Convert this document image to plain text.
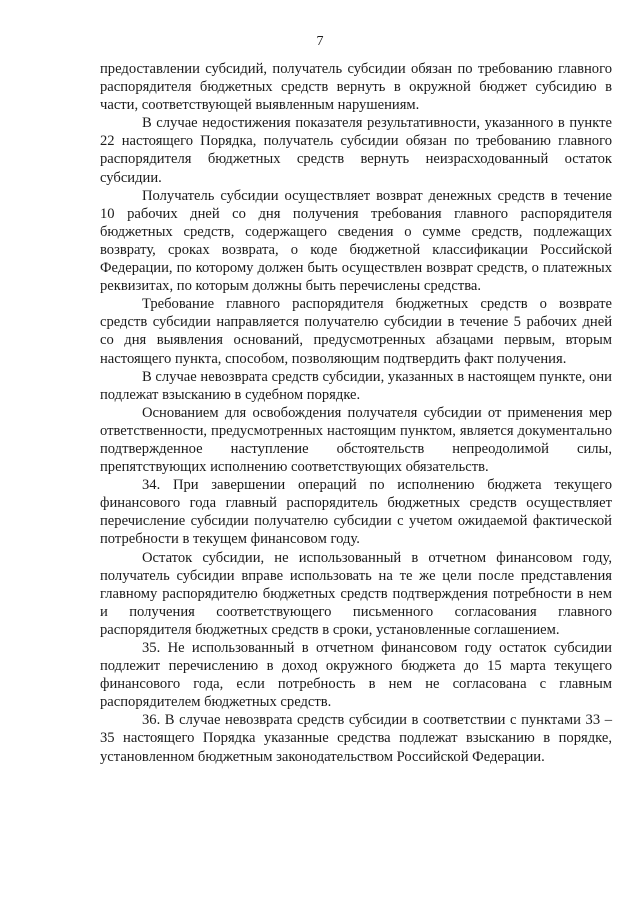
7

предоставлении субсидий, получатель субсидии обязан по требованию главного распорядителя бюджетных средств вернуть в окружной бюджет субсидию в части, соответствующей выявленным нарушениям.

В случае недостижения показателя результативности, указанного в пункте 22 настоящего Порядка, получатель субсидии обязан по требованию главного распорядителя бюджетных средств вернуть неизрасходованный остаток субсидии.

Получатель субсидии осуществляет возврат денежных средств в течение 10 рабочих дней со дня получения требования главного распорядителя бюджетных средств, содержащего сведения о сумме средств, подлежащих возврату, сроках возврата, о коде бюджетной классификации Российской Федерации, по которому должен быть осуществлен возврат средств, о платежных реквизитах, по которым должны быть перечислены средства.

Требование главного распорядителя бюджетных средств о возврате средств субсидии направляется получателю субсидии в течение 5 рабочих дней со дня выявления оснований, предусмотренных абзацами первым, вторым настоящего пункта, способом, позволяющим подтвердить факт получения.

В случае невозврата средств субсидии, указанных в настоящем пункте, они подлежат взысканию в судебном порядке.

Основанием для освобождения получателя субсидии от применения мер ответственности, предусмотренных настоящим пунктом, является документально подтвержденное наступление обстоятельств непреодолимой силы, препятствующих исполнению соответствующих обязательств.

34. При завершении операций по исполнению бюджета текущего финансового года главный распорядитель бюджетных средств осуществляет перечисление субсидии получателю субсидии с учетом ожидаемой фактической потребности в текущем финансовом году.

Остаток субсидии, не использованный в отчетном финансовом году, получатель субсидии вправе использовать на те же цели после представления главному распорядителю бюджетных средств подтверждения потребности в нем и получения соответствующего письменного согласования главного распорядителя бюджетных средств в сроки, установленные соглашением.

35. Не использованный в отчетном финансовом году остаток субсидии подлежит перечислению в доход окружного бюджета до 15 марта текущего финансового года, если потребность в нем не согласована с главным распорядителем бюджетных средств.

36. В случае невозврата средств субсидии в соответствии с пунктами 33 – 35 настоящего Порядка указанные средства подлежат взысканию в порядке, установленном бюджетным законодательством Российской Федерации.
